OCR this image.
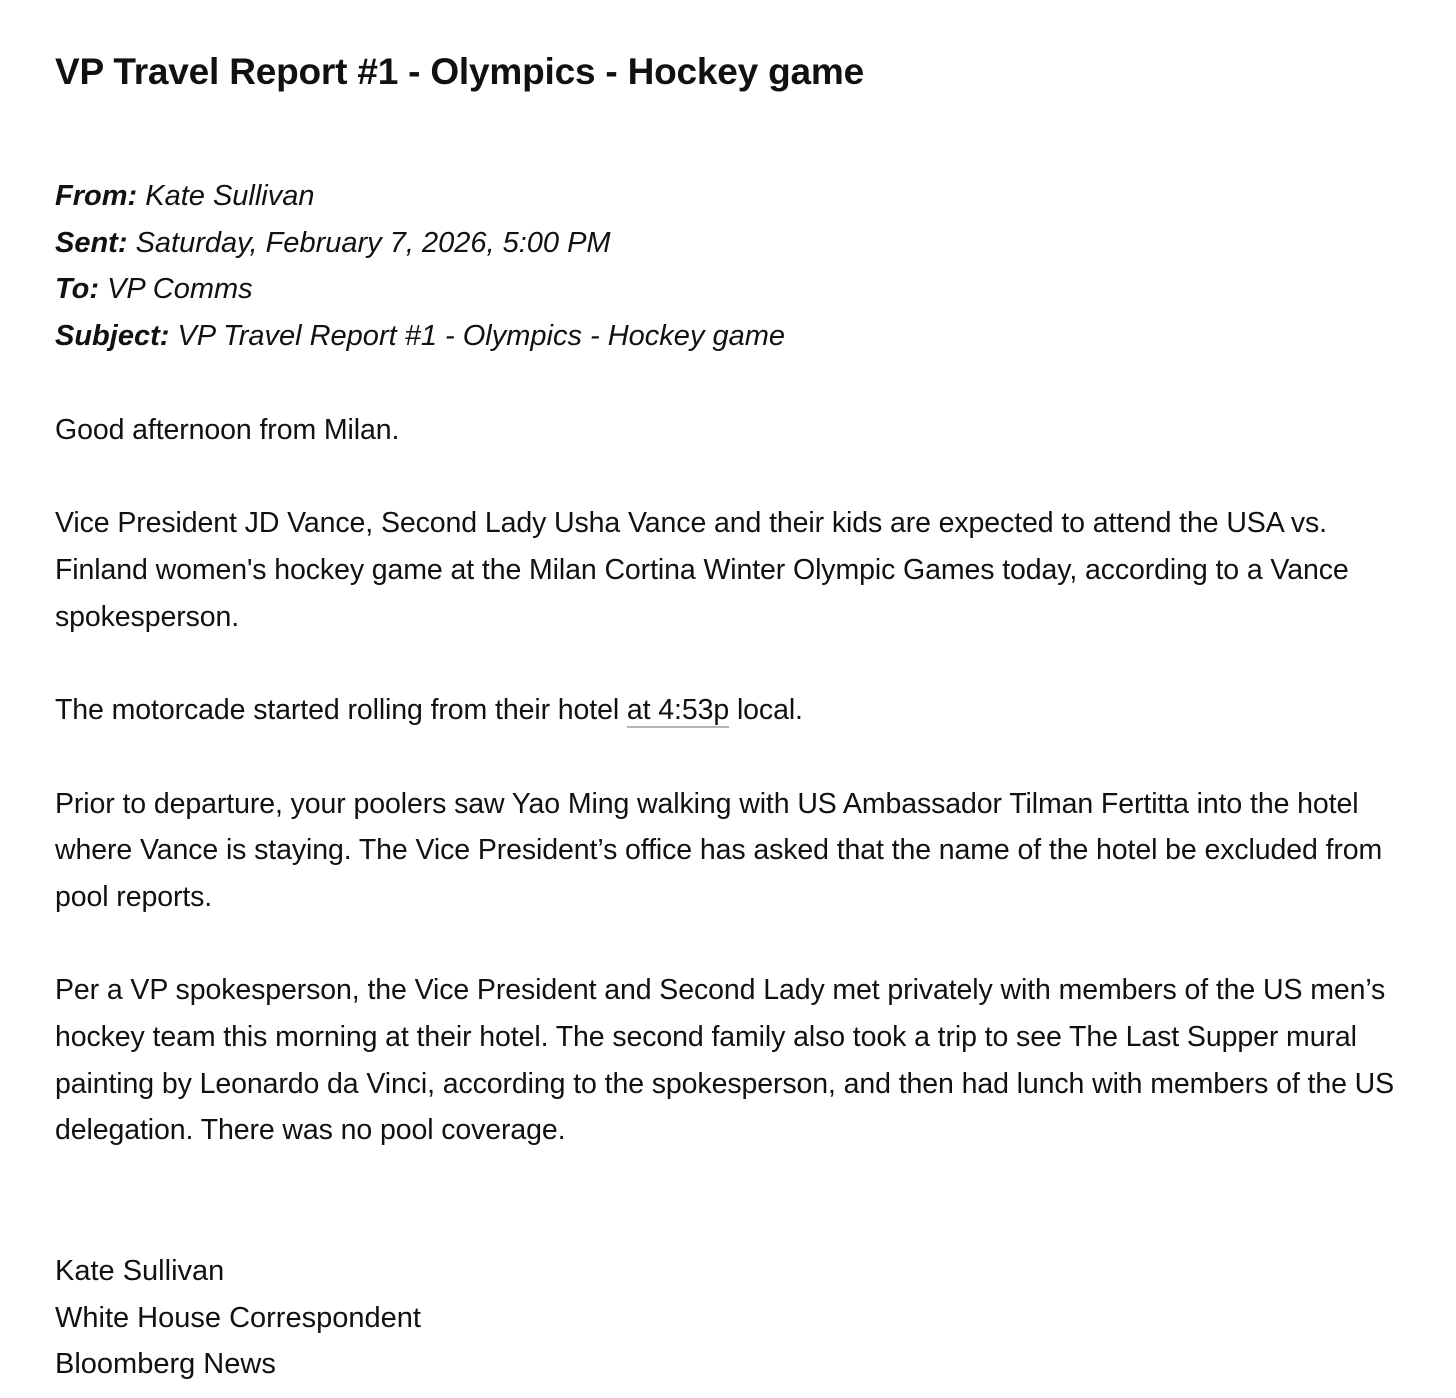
VP Travel Report #1 - Olympics - Hockey game
From: Kate Sullivan
Sent: Saturday, February 7, 2026, 5:00 PM
To: VP Comms
Subject: VP Travel Report #1 - Olympics - Hockey game

Good afternoon from Milan.

Vice President JD Vance, Second Lady Usha Vance and their kids are expected to attend the USA vs. Finland women's hockey game at the Milan Cortina Winter Olympic Games today, according to a Vance spokesperson.

The motorcade started rolling from their hotel at 4:53p local.

Prior to departure, your poolers saw Yao Ming walking with US Ambassador Tilman Fertitta into the hotel where Vance is staying. The Vice President’s office has asked that the name of the hotel be excluded from pool reports.

Per a VP spokesperson, the Vice President and Second Lady met privately with members of the US men’s hockey team this morning at their hotel. The second family also took a trip to see The Last Supper mural painting by Leonardo da Vinci, according to the spokesperson, and then had lunch with members of the US delegation. There was no pool coverage.

Kate Sullivan
White House Correspondent
Bloomberg News
